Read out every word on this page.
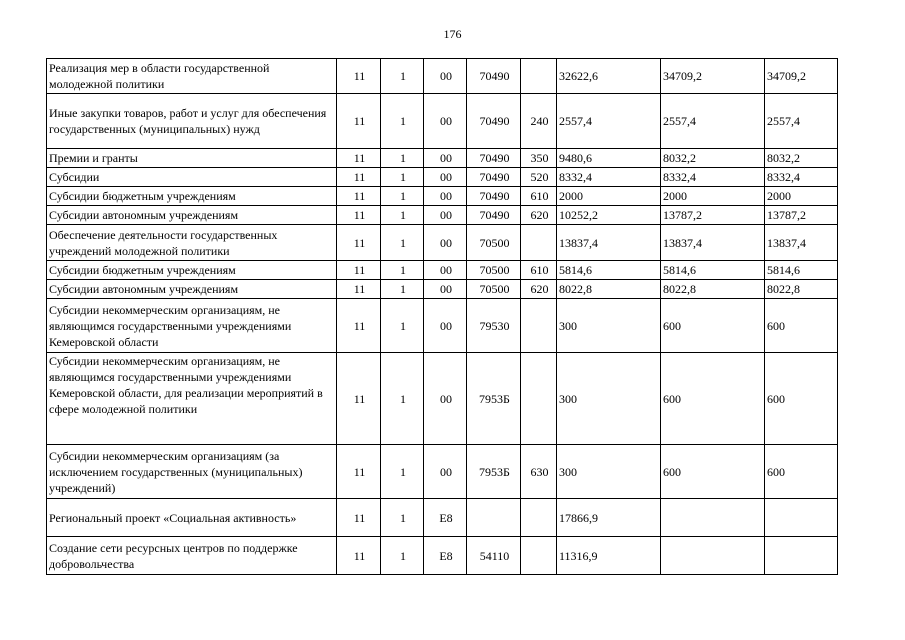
176
Реализация мер в области государственной молодежной политики	11	1	00	70490		32622,6	34709,2	34709,2
Иные закупки товаров, работ и услуг для обеспечения государственных (муниципальных) нужд	11	1	00	70490	240	2557,4	2557,4	2557,4
Премии и гранты	11	1	00	70490	350	9480,6	8032,2	8032,2
Субсидии	11	1	00	70490	520	8332,4	8332,4	8332,4
Субсидии бюджетным учреждениям	11	1	00	70490	610	2000	2000	2000
Субсидии автономным учреждениям	11	1	00	70490	620	10252,2	13787,2	13787,2
Обеспечение деятельности государственных учреждений молодежной политики	11	1	00	70500		13837,4	13837,4	13837,4
Субсидии бюджетным учреждениям	11	1	00	70500	610	5814,6	5814,6	5814,6
Субсидии автономным учреждениям	11	1	00	70500	620	8022,8	8022,8	8022,8
Субсидии некоммерческим организациям, не являющимся государственными учреждениями Кемеровской области	11	1	00	79530		300	600	600
Субсидии некоммерческим организациям, не являющимся государственными учреждениями Кемеровской области, для реализации мероприятий в сфере молодежной политики	11	1	00	7953Б		300	600	600
Субсидии некоммерческим организациям (за исключением государственных (муниципальных) учреждений)	11	1	00	7953Б	630	300	600	600
Региональный проект «Социальная активность»	11	1	E8			17866,9		
Создание сети ресурсных центров по поддержке добровольчества	11	1	E8	54110		11316,9		
